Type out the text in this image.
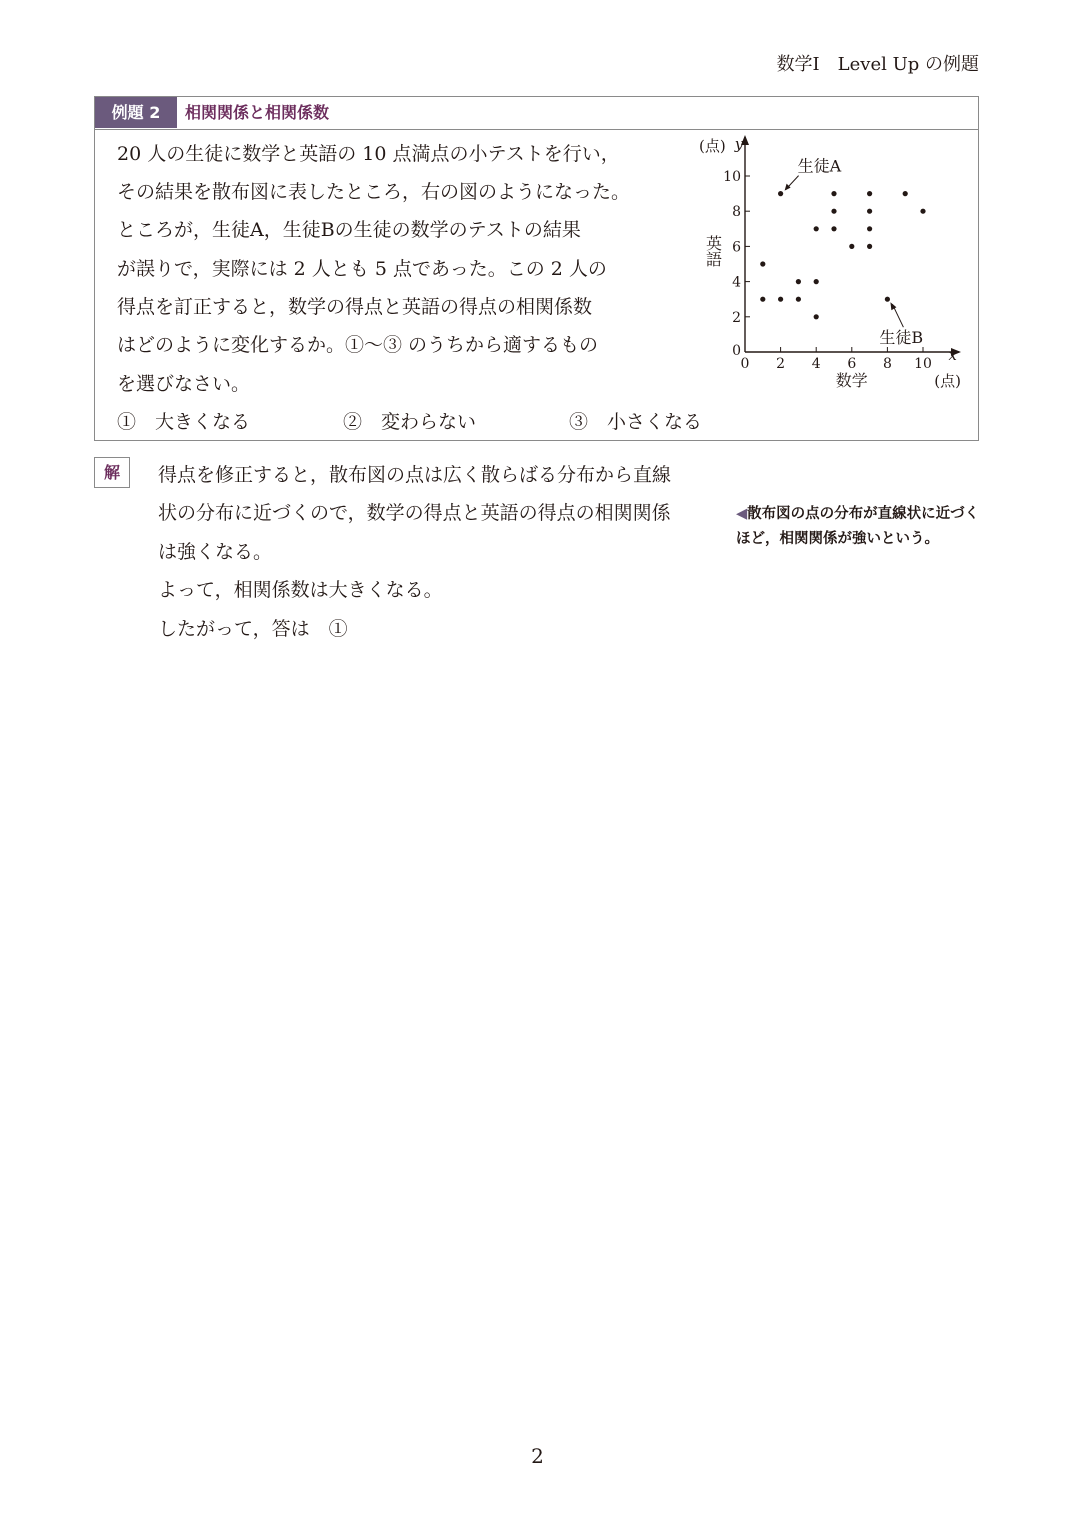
数学Ⅰ　Level Up の例題
例題 2	相関関係と相関係数
20 人の生徒に数学と英語の 10 点満点の小テストを行い，
その結果を散布図に表したところ，右の図のようになった。
ところが，生徒A，生徒Bの生徒の数学のテストの結果
が誤りで，実際には 2 人とも 5 点であった。この 2 人の
得点を訂正すると，数学の得点と英語の得点の相関係数
はどのように変化するか。①～③ のうちから適するもの
を選びなさい。
①　大きくなる	②　変わらない	③　小さくなる
0 2 4 6 8 10
2
4
6
8
10
0
y
(点)
x
(点)
数学
英語
生徒A
生徒B
解	得点を修正すると，散布図の点は広く散らばる分布から直線
状の分布に近づくので，数学の得点と英語の得点の相関関係
は強くなる。
よって，相関係数は大きくなる。
したがって，答は　①
◀散布図の点の分布が直線状に近づくほど，相関関係が強いという。
2
